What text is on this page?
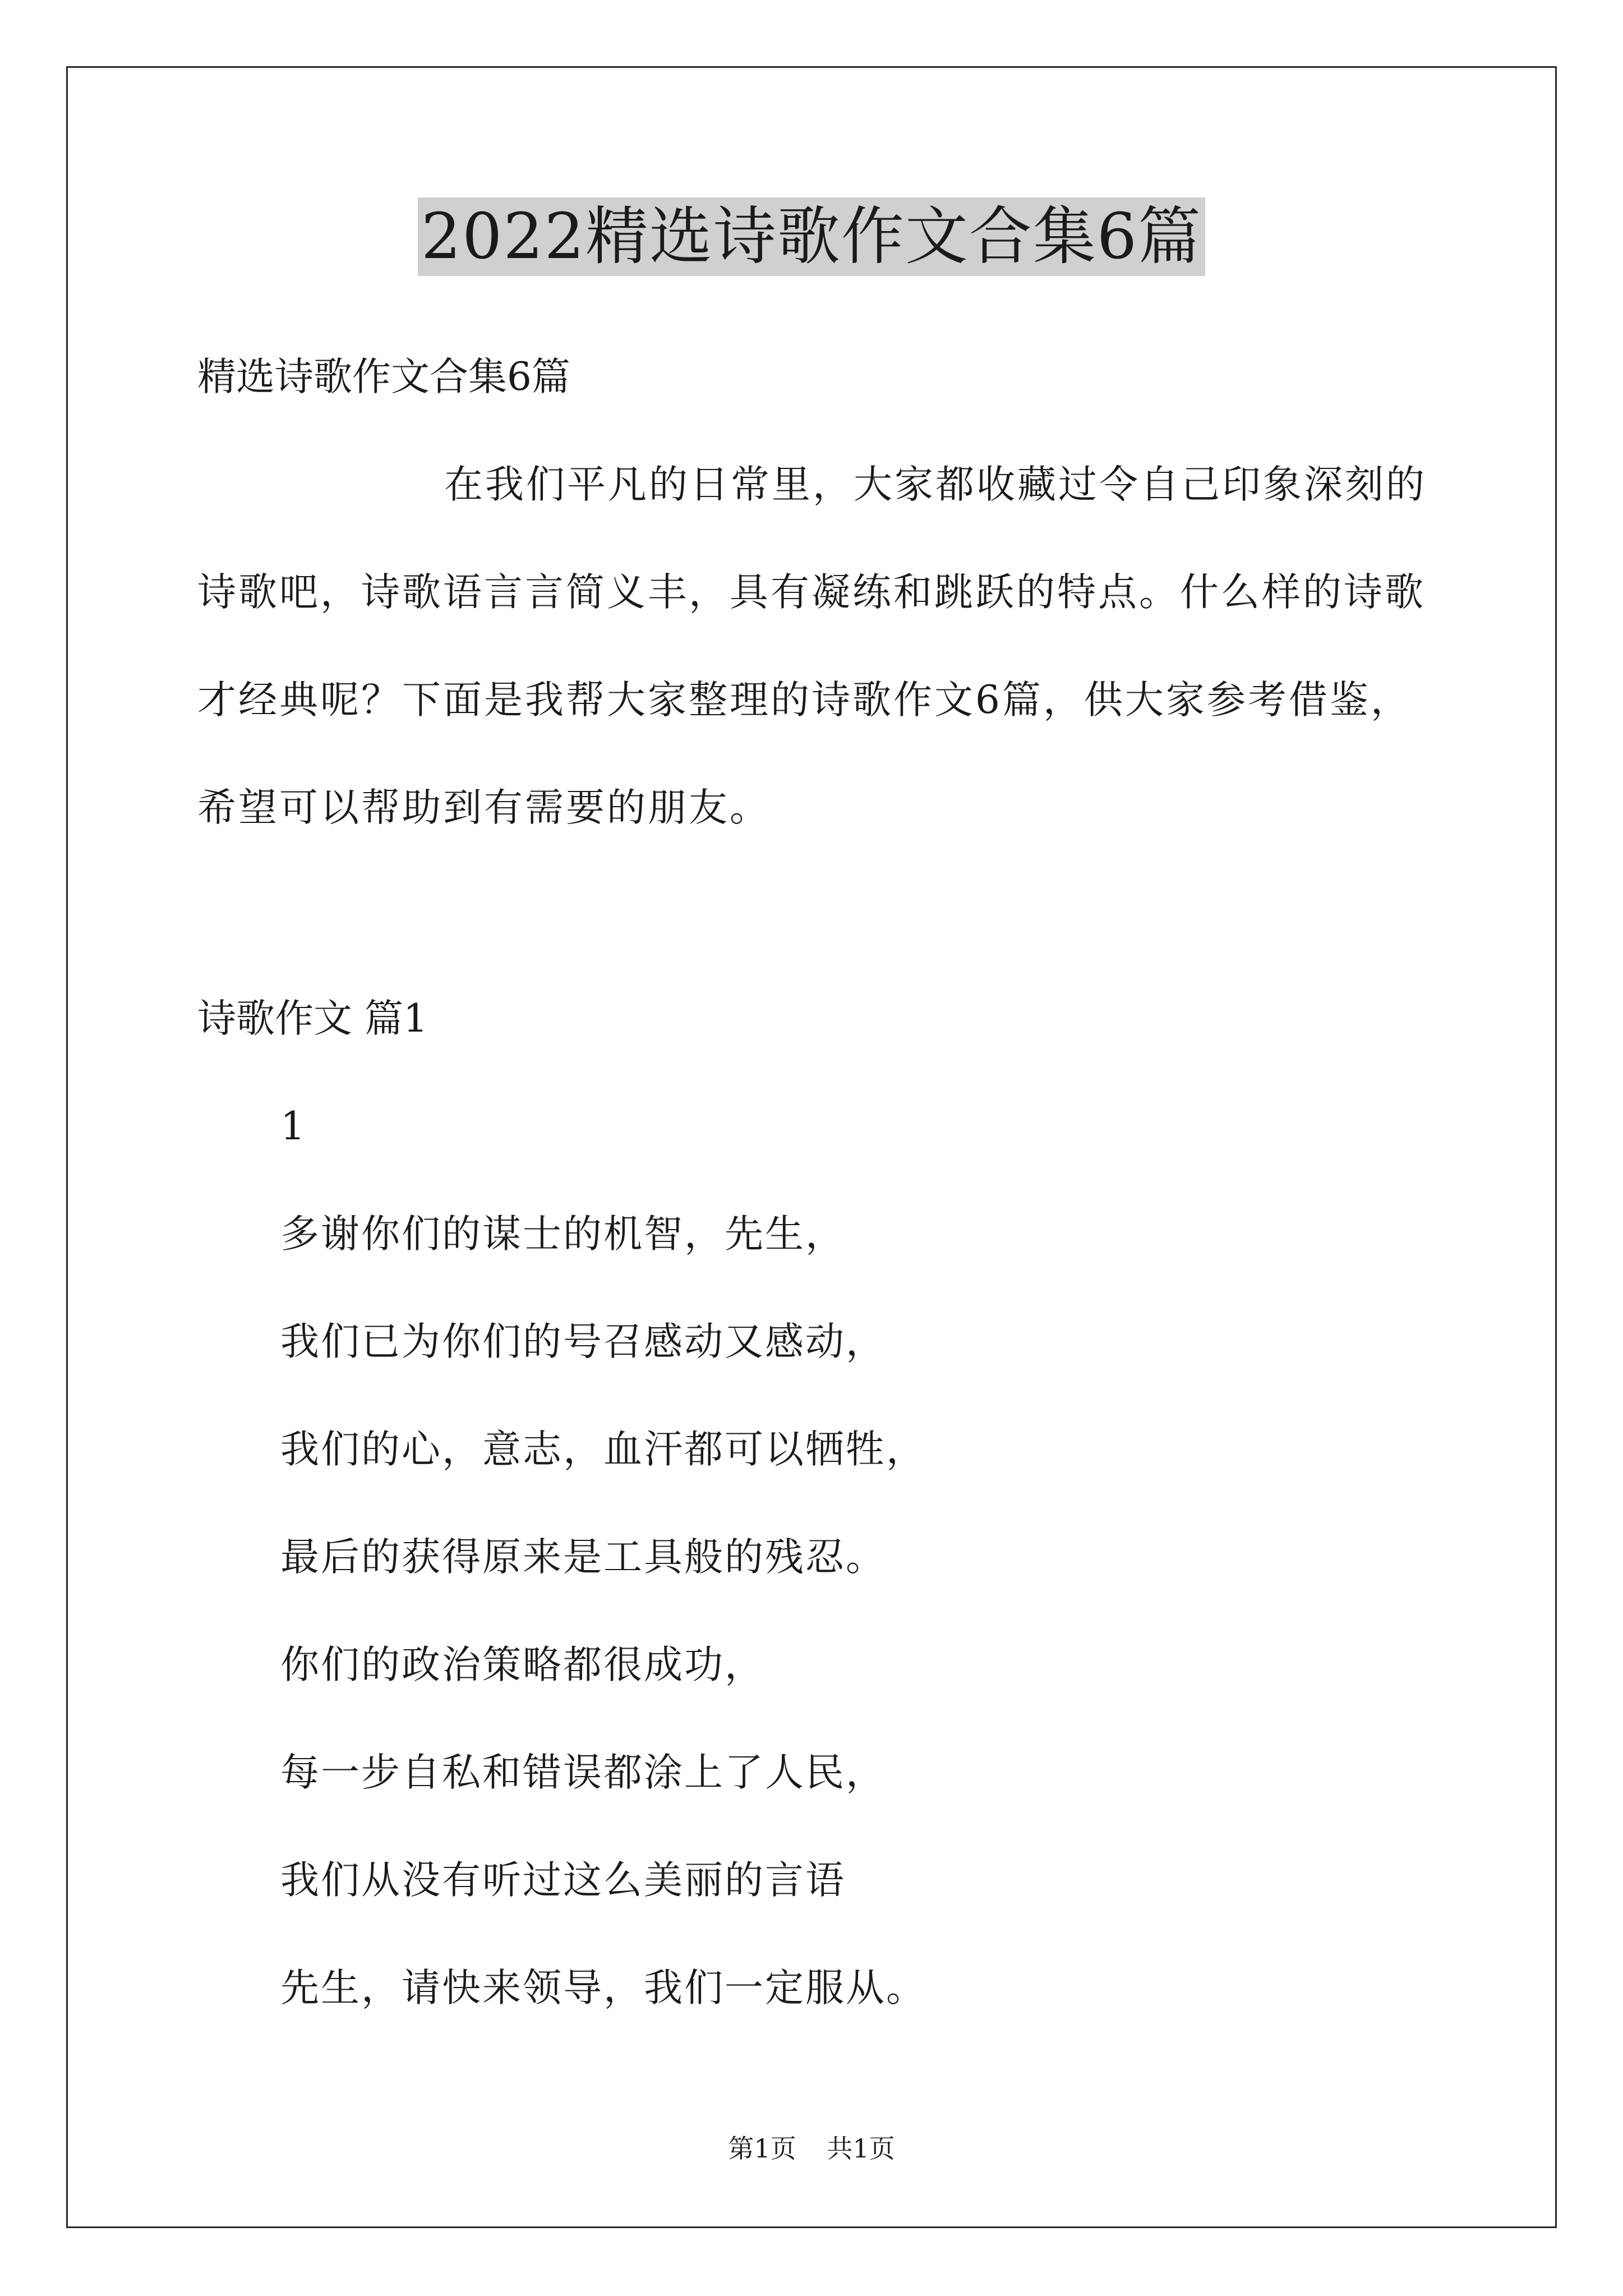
2022精选诗歌作文合集6篇
精选诗歌作文合集6篇
在我们平凡的日常里，大家都收藏过令自己印象深刻的
诗歌吧，诗歌语言言简义丰，具有凝练和跳跃的特点。什么样的诗歌
才经典呢？下面是我帮大家整理的诗歌作文6篇，供大家参考借鉴，
希望可以帮助到有需要的朋友。
诗歌作文 篇1
1
多谢你们的谋士的机智，先生，
我们已为你们的号召感动又感动，
我们的心，意志，血汗都可以牺牲，
最后的获得原来是工具般的残忍。
你们的政治策略都很成功，
每一步自私和错误都涂上了人民，
我们从没有听过这么美丽的言语
先生，请快来领导，我们一定服从。
第1页 共1页
